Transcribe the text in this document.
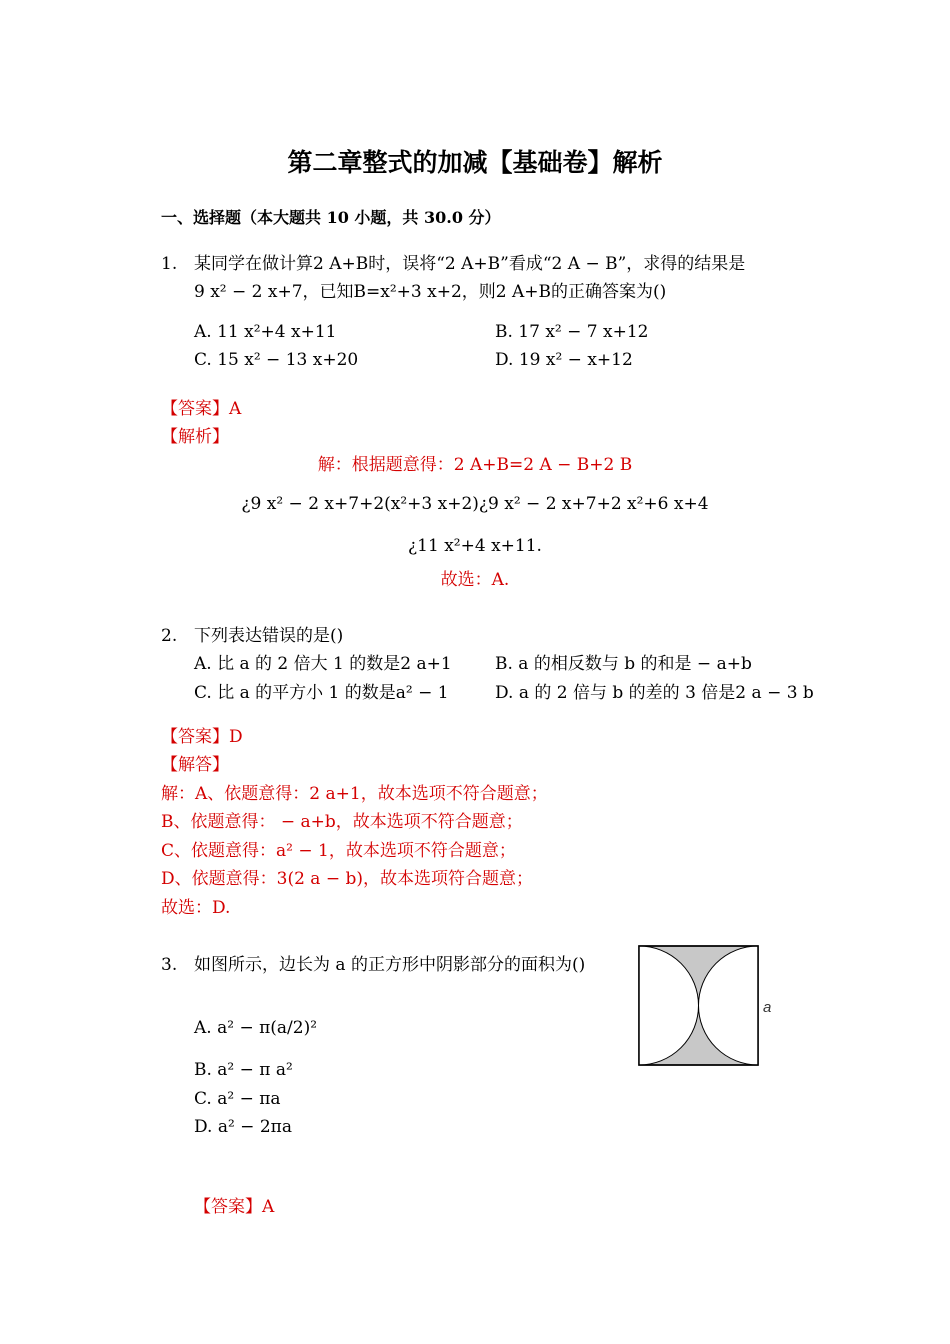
第二章整式的加减【基础卷】解析
一、选择题（本大题共 10 小题，共 30.0 分）
1. 某同学在做计算2 A+B时，误将“2 A+B”看成“2 A − B”，求得的结果是
9 x² − 2 x+7，已知B=x²+3 x+2，则2 A+B的正确答案为()
A. 11 x²+4 x+11	B. 17 x² − 7 x+12
C. 15 x² − 13 x+20	D. 19 x² − x+12
【答案】A
【解析】
解：根据题意得：2 A+B=2 A − B+2 B
¿9 x² − 2 x+7+2(x²+3 x+2)¿9 x² − 2 x+7+2 x²+6 x+4
¿11 x²+4 x+11.
故选：A.
2. 下列表达错误的是()
A. 比 a 的 2 倍大 1 的数是2 a+1	B. a 的相反数与 b 的和是 − a+b
C. 比 a 的平方小 1 的数是a² − 1	D. a 的 2 倍与 b 的差的 3 倍是2 a − 3 b
【答案】D
【解答】
解：A、依题意得：2 a+1，故本选项不符合题意；
B、依题意得： − a+b，故本选项不符合题意；
C、依题意得：a² − 1，故本选项不符合题意；
D、依题意得：3(2 a − b)，故本选项符合题意；
故选：D.
3. 如图所示，边长为 a 的正方形中阴影部分的面积为()
A. a² − π(a/2)²
B. a² − π a²
C. a² − πa
D. a² − 2πa
a
【答案】A
